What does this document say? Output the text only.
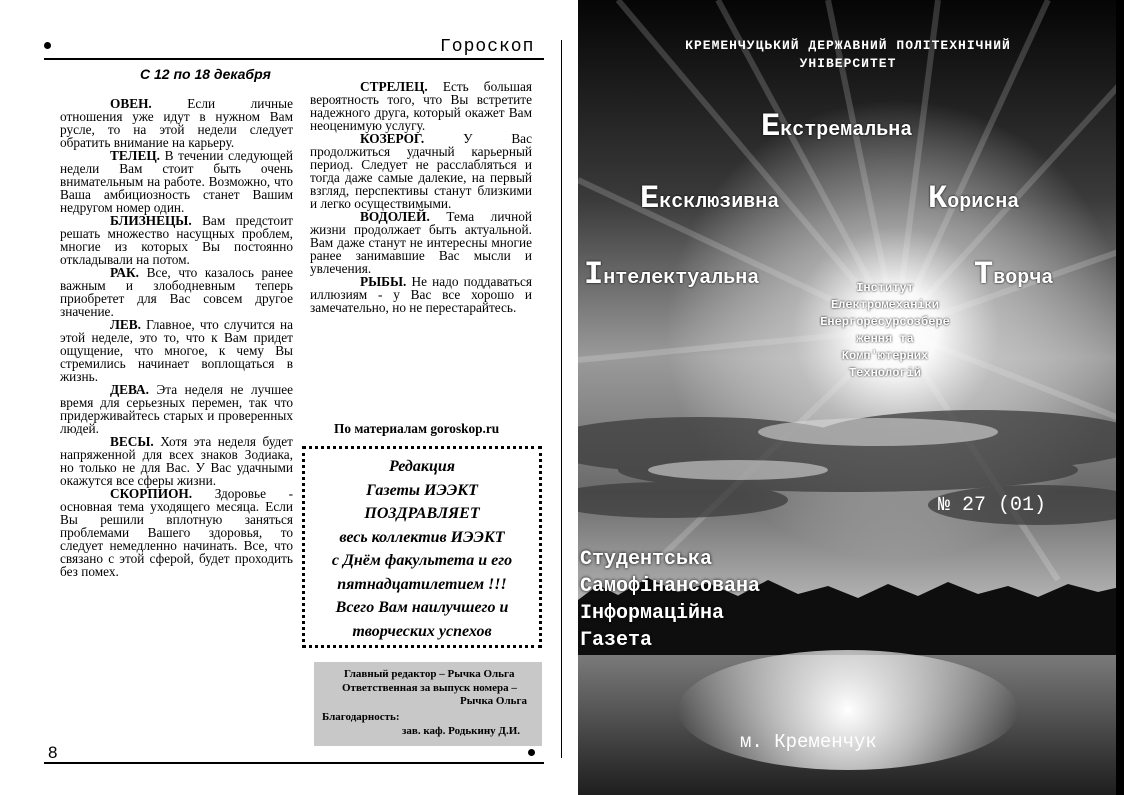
Гороскоп
С 12 по 18 декабря

ОВЕН.	Если личные отношения уже идут в нужном Вам русле, то на этой недели следует обратить внимание на карьеру.

ТЕЛЕЦ. В течении следующей недели Вам стоит быть очень внимательным на работе. Возможно, что Ваша амбициозность станет Вашим недругом номер один.

БЛИЗНЕЦЫ. Вам предстоит решать множество насущных проблем, многие из которых Вы постоянно откладывали на потом.

РАК. Все, что казалось ранее важным и злободневным теперь приобретет для Вас совсем другое значение.

ЛЕВ. Главное, что случится на этой неделе, это то, что к Вам придет ощущение, что многое, к чему Вы стремились начинает воплощаться в жизнь.

ДЕВА. Эта неделя не лучшее время для серьезных перемен, так что придерживайтесь старых и проверенных людей.

ВЕСЫ. Хотя эта неделя будет напряженной для всех знаков Зодиака, но только не для Вас. У Вас удачными окажутся все сферы жизни.

СКОРПИОН. Здоровье - основная тема уходящего месяца. Если Вы решили вплотную заняться проблемами Вашего здоровья, то следует немедленно начинать. Все, что связано с этой сферой, будет проходить без помех.

СТРЕЛЕЦ. Есть большая вероятность того, что Вы встретите надежного друга, который окажет Вам неоценимую услугу.

КОЗЕРОГ.	У Вас продолжиться удачный карьерный период. Следует не расслабляться и тогда даже самые далекие, на первый взгляд, перспективы станут близкими и легко осуществимыми.

ВОДОЛЕЙ. Тема личной жизни продолжает быть актуальной. Вам даже станут не интересны многие ранее занимавшие Вас мысли и увлечения.

РЫБЫ. Не надо поддаваться иллюзиям - у Вас все хорошо и замечательно, но не перестарайтесь.

По материалам goroskop.ru
Редакция
Газеты ИЭЭКТ
ПОЗДРАВЛЯЕТ
весь коллектив ИЭЭКТ
с Днём факультета и его
пятнадцатилетием !!!
Всего Вам наилучшего и
творческих успехов
Главный редактор – Рычка Ольга
Ответственная за выпуск номера –
Рычка Ольга
Благодарность:
зав. каф. Родькину Д.И.
8
КРЕМЕНЧУЦЬКИЙ ДЕРЖАВНИЙ ПОЛІТЕХНІЧНИЙ
УНІВЕРСИТЕТ
Екстремальна
Ексклюзивна	Корисна
Інтелектуальна	Творча
Інститут
Електромеханіки
Енергоресурсозбере
ження та
Комп'ютерних
Технологій
№ 27 (01)
Студентська
Самофінансована
Інформаційна
Газета
м. Кременчук
